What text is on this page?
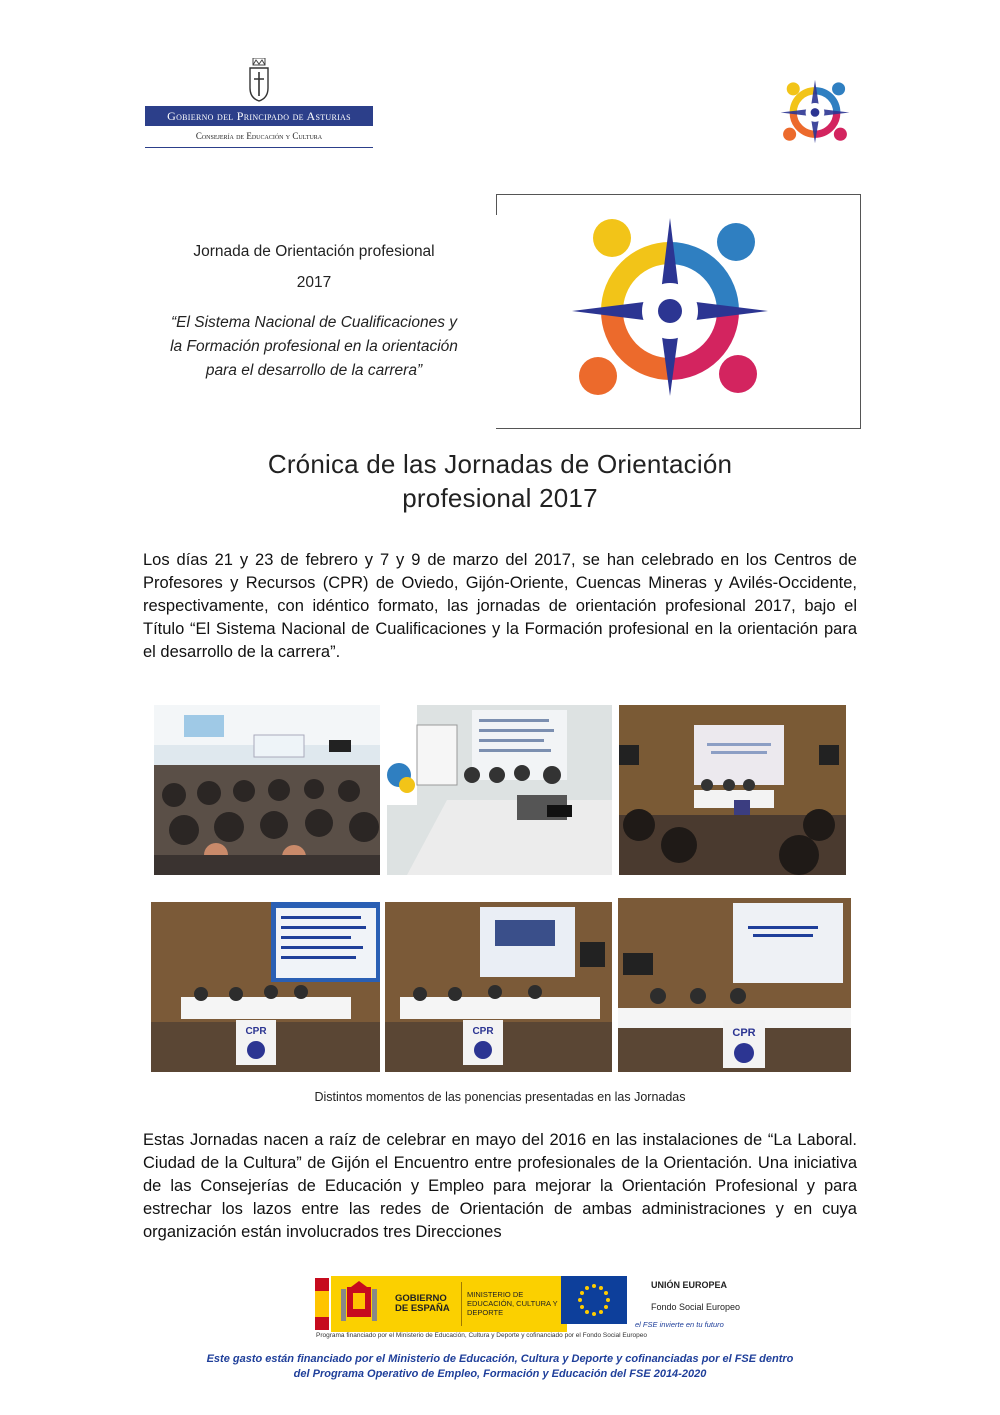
Gobierno del Principado de Asturias
Consejería de Educación y Cultura
Jornada de Orientación profesional
2017
“El Sistema Nacional de Cualificaciones y
la Formación profesional en la orientación
para el desarrollo de la carrera”
Crónica de las Jornadas de Orientación
profesional 2017
Los días 21 y 23 de febrero y 7 y 9 de marzo del 2017, se han celebrado en los Centros de Profesores y Recursos (CPR) de Oviedo, Gijón-Oriente, Cuencas Mineras y Avilés-Occidente, respectivamente, con idéntico formato, las jornadas de orientación profesional 2017, bajo el Título “El Sistema Nacional de Cualificaciones y la Formación profesional en la orientación para el desarrollo de la carrera”.
CPR	CPR	CPR
Distintos momentos de las ponencias presentadas en las Jornadas
Estas Jornadas nacen a raíz de celebrar en mayo del 2016 en las instalaciones de “La Laboral. Ciudad de la Cultura” de Gijón el Encuentro entre profesionales de la Orientación. Una iniciativa de las Consejerías de Educación y Empleo para mejorar la Orientación Profesional y para estrechar los lazos entre las redes de Orientación de ambas administraciones y en cuya organización están involucrados tres Direcciones
GOBIERNO DE ESPAÑA
MINISTERIO DE EDUCACIÓN, CULTURA Y DEPORTE
UNIÓN EUROPEA
Fondo Social Europeo
el FSE invierte en tu futuro
Programa financiado por el Ministerio de Educación, Cultura y Deporte y cofinanciado por el Fondo Social Europeo
Este gasto están financiado por el Ministerio de Educación, Cultura y Deporte y cofinanciadas por el FSE dentro
del Programa Operativo de Empleo, Formación y Educación del FSE 2014-2020
